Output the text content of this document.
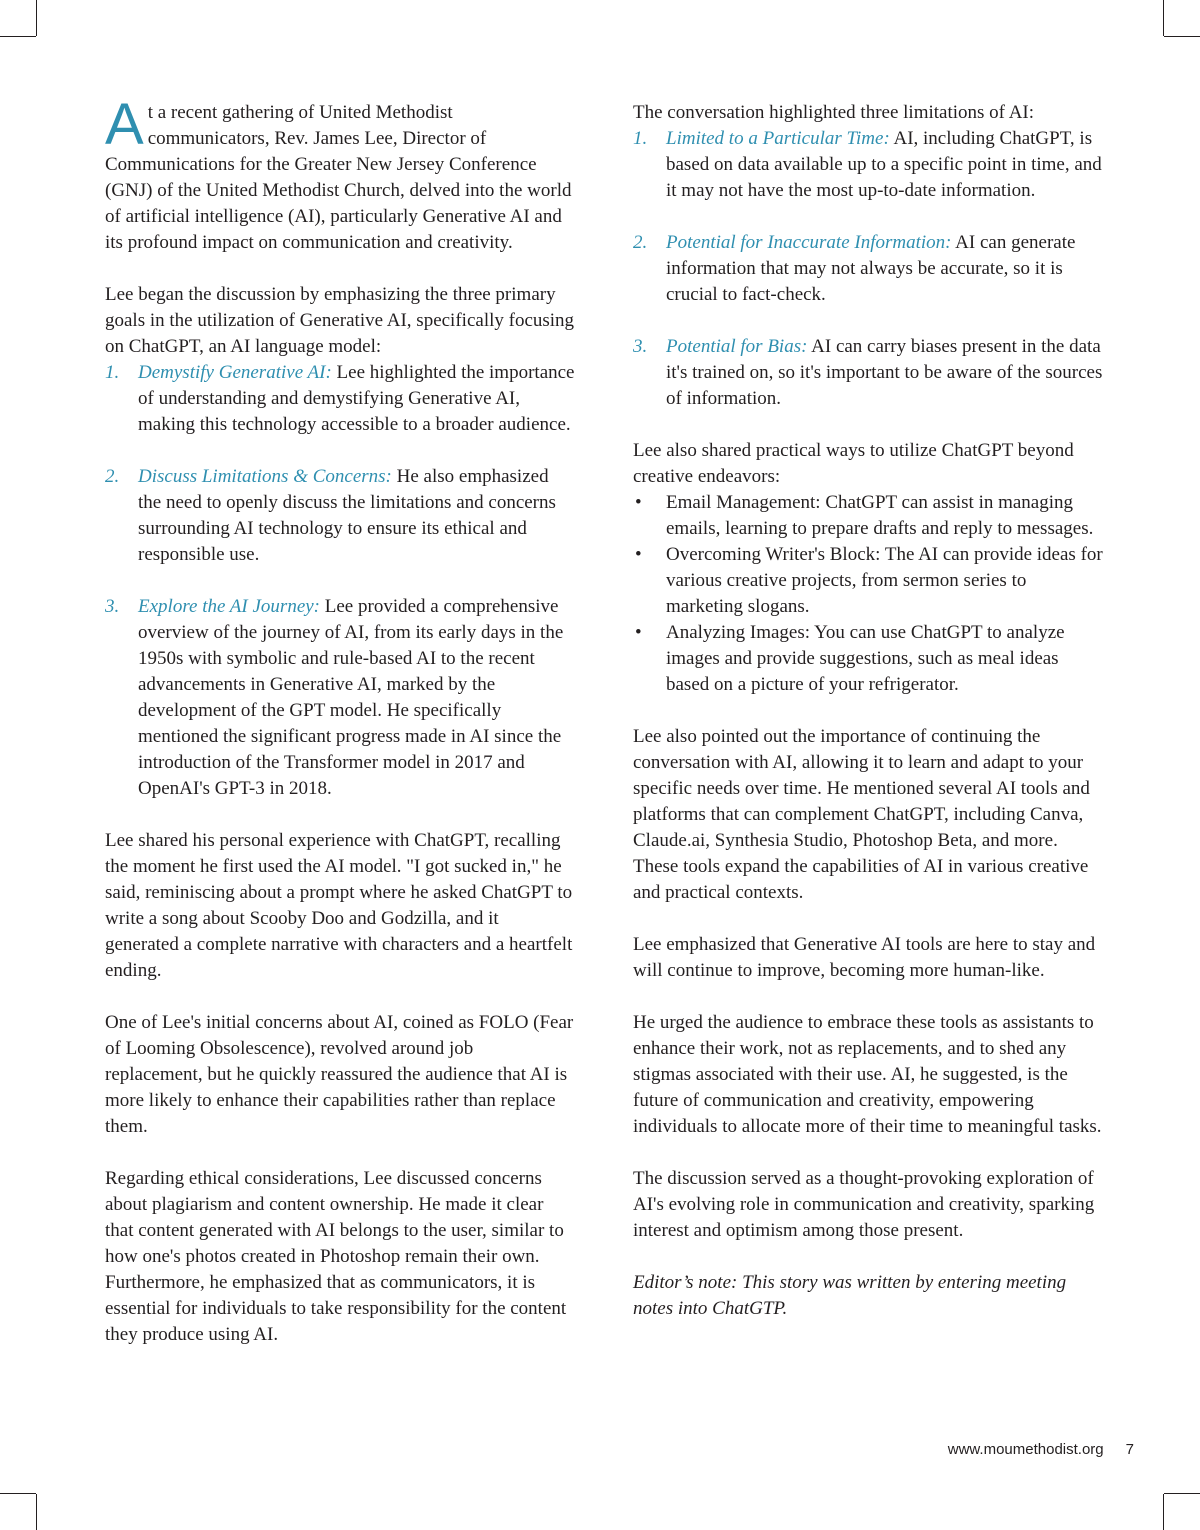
At a recent gathering of United Methodist communicators, Rev. James Lee, Director of Communications for the Greater New Jersey Conference (GNJ) of the United Methodist Church, delved into the world of artificial intelligence (AI), particularly Generative AI and its profound impact on communication and creativity.

Lee began the discussion by emphasizing the three primary goals in the utilization of Generative AI, specifically focusing on ChatGPT, an AI language model:

1. Demystify Generative AI: Lee highlighted the importance of understanding and demystifying Generative AI, making this technology accessible to a broader audience.
2. Discuss Limitations & Concerns: He also emphasized the need to openly discuss the limitations and concerns surrounding AI technology to ensure its ethical and responsible use.
3. Explore the AI Journey: Lee provided a comprehensive overview of the journey of AI, from its early days in the 1950s with symbolic and rule-based AI to the recent advancements in Generative AI, marked by the development of the GPT model. He specifically mentioned the significant progress made in AI since the introduction of the Transformer model in 2017 and OpenAI's GPT-3 in 2018.

Lee shared his personal experience with ChatGPT, recalling the moment he first used the AI model. "I got sucked in," he said, reminiscing about a prompt where he asked ChatGPT to write a song about Scooby Doo and Godzilla, and it generated a complete narrative with characters and a heartfelt ending.

One of Lee's initial concerns about AI, coined as FOLO (Fear of Looming Obsolescence), revolved around job replacement, but he quickly reassured the audience that AI is more likely to enhance their capabilities rather than replace them.

Regarding ethical considerations, Lee discussed concerns about plagiarism and content ownership. He made it clear that content generated with AI belongs to the user, similar to how one's photos created in Photoshop remain their own. Furthermore, he emphasized that as communicators, it is essential for individuals to take responsibility for the content they produce using AI.

The conversation highlighted three limitations of AI:

1. Limited to a Particular Time: AI, including ChatGPT, is based on data available up to a specific point in time, and it may not have the most up-to-date information.
2. Potential for Inaccurate Information: AI can generate information that may not always be accurate, so it is crucial to fact-check.
3. Potential for Bias: AI can carry biases present in the data it's trained on, so it's important to be aware of the sources of information.

Lee also shared practical ways to utilize ChatGPT beyond creative endeavors:

• Email Management: ChatGPT can assist in managing emails, learning to prepare drafts and reply to messages.
• Overcoming Writer's Block: The AI can provide ideas for various creative projects, from sermon series to marketing slogans.
• Analyzing Images: You can use ChatGPT to analyze images and provide suggestions, such as meal ideas based on a picture of your refrigerator.

Lee also pointed out the importance of continuing the conversation with AI, allowing it to learn and adapt to your specific needs over time. He mentioned several AI tools and platforms that can complement ChatGPT, including Canva, Claude.ai, Synthesia Studio, Photoshop Beta, and more. These tools expand the capabilities of AI in various creative and practical contexts.

Lee emphasized that Generative AI tools are here to stay and will continue to improve, becoming more human-like.

He urged the audience to embrace these tools as assistants to enhance their work, not as replacements, and to shed any stigmas associated with their use. AI, he suggested, is the future of communication and creativity, empowering individuals to allocate more of their time to meaningful tasks.

The discussion served as a thought-provoking exploration of AI's evolving role in communication and creativity, sparking interest and optimism among those present.

Editor’s note: This story was written by entering meeting notes into ChatGTP.

www.moumethodist.org 7
